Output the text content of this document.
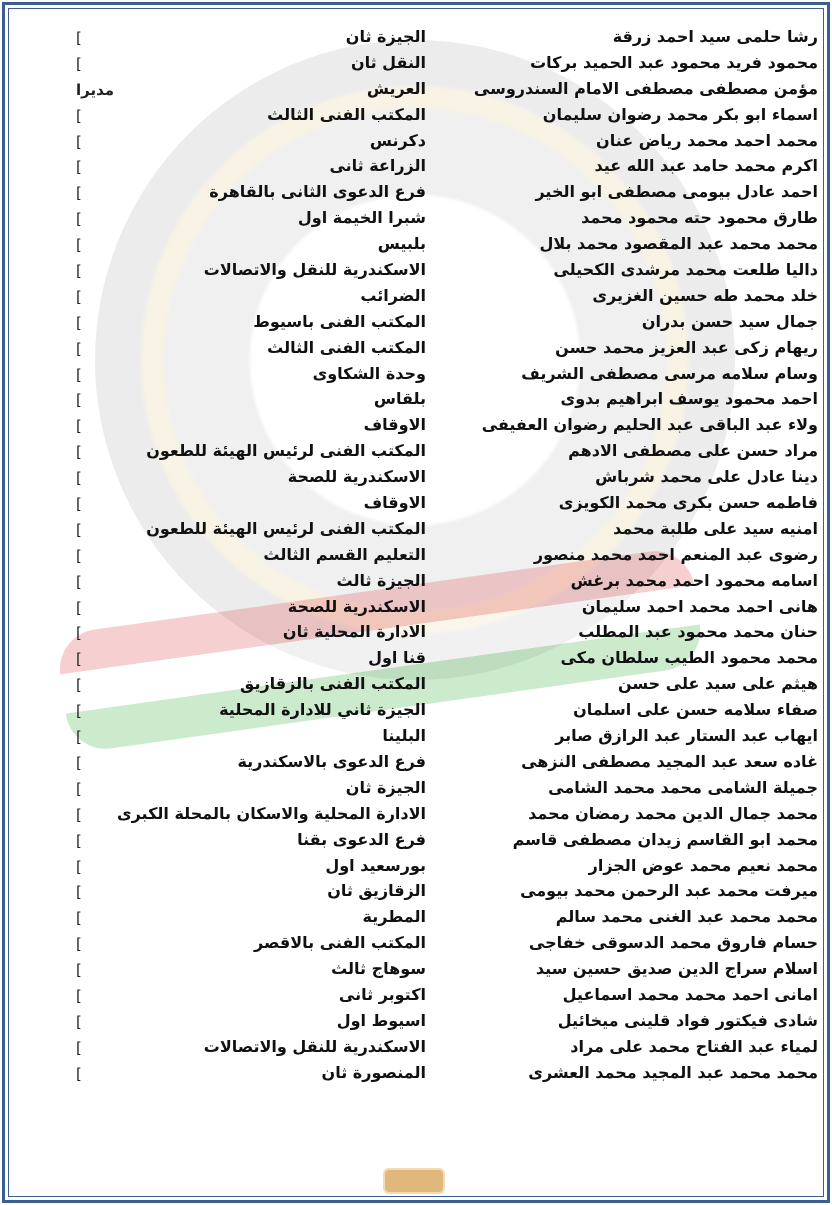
رشا حلمى سيد احمد زرقة
الجيزة ثان
[
محمود فريد محمود عبد الحميد بركات
النقل ثان
[
مؤمن مصطفى مصطفى الامام السندروسى
العريش
مديرا
اسماء ابو بكر محمد رضوان سليمان
المكتب الفنى الثالث
[
محمد احمد محمد رياض عنان
دكرنس
[
اكرم محمد حامد عبد الله عيد
الزراعة ثانى
[
احمد عادل بيومى مصطفى ابو الخير
فرع الدعوى الثانى بالقاهرة
[
طارق محمود حته محمود محمد
شبرا الخيمة اول
[
محمد محمد عبد المقصود محمد بلال
بلبيس
[
داليا طلعت محمد مرشدى الكحيلى
الاسكندرية للنقل والاتصالات
[
خلد محمد طه حسين الغزيرى
الضرائب
[
جمال سيد حسن بدران
المكتب الفنى باسيوط
[
ريهام زكى عبد العزيز محمد حسن
المكتب الفنى الثالث
[
وسام سلامه مرسى مصطفى الشريف
وحدة الشكاوى
[
احمد محمود يوسف ابراهيم بدوى
بلقاس
[
ولاء عبد الباقى عبد الحليم رضوان العفيفى
الاوقاف
[
مراد حسن على مصطفى الادهم
المكتب الفنى لرئيس الهيئة للطعون
[
دينا عادل على محمد شرباش
الاسكندرية للصحة
[
فاطمه حسن بكرى محمد الكويزى
الاوقاف
[
امنيه سيد على طلبة محمد
المكتب الفنى لرئيس الهيئة للطعون
[
رضوى عبد المنعم احمد محمد منصور
التعليم القسم الثالث
[
اسامه محمود احمد محمد برغش
الجيزة ثالث
[
هانى احمد محمد احمد سليمان
الاسكندرية للصحة
[
حنان محمد محمود عبد المطلب
الادارة المحلية ثان
[
محمد محمود الطيب سلطان مكى
قنا اول
[
هيثم على سيد على حسن
المكتب الفنى بالزقازيق
[
صفاء سلامه حسن على اسلمان
الجيزة ثاني للادارة المحلية
[
ايهاب عبد الستار عبد الرازق صابر
البلينا
[
غاده سعد عبد المجيد مصطفى النزهى
فرع الدعوى بالاسكندرية
[
جميلة الشامى محمد محمد الشامى
الجيزة ثان
[
محمد جمال الدين محمد رمضان محمد
الادارة المحلية والاسكان بالمحلة الكبرى
[
محمد ابو القاسم زيدان مصطفى قاسم
فرع الدعوى بقنا
[
محمد نعيم محمد عوض الجزار
بورسعيد اول
[
ميرفت محمد عبد الرحمن محمد بيومى
الزقازيق ثان
[
محمد محمد عبد الغنى محمد سالم
المطرية
[
حسام فاروق محمد الدسوقى خفاجى
المكتب الفنى بالاقصر
[
اسلام سراج الدين صديق حسين سيد
سوهاج ثالث
[
امانى احمد محمد محمد اسماعيل
اكتوبر ثانى
[
شادى فيكتور فواد قلينى ميخائيل
اسيوط اول
[
لمياء عبد الفتاح محمد على مراد
الاسكندرية للنقل والاتصالات
[
محمد محمد عبد المجيد محمد العشرى
المنصورة ثان
[
